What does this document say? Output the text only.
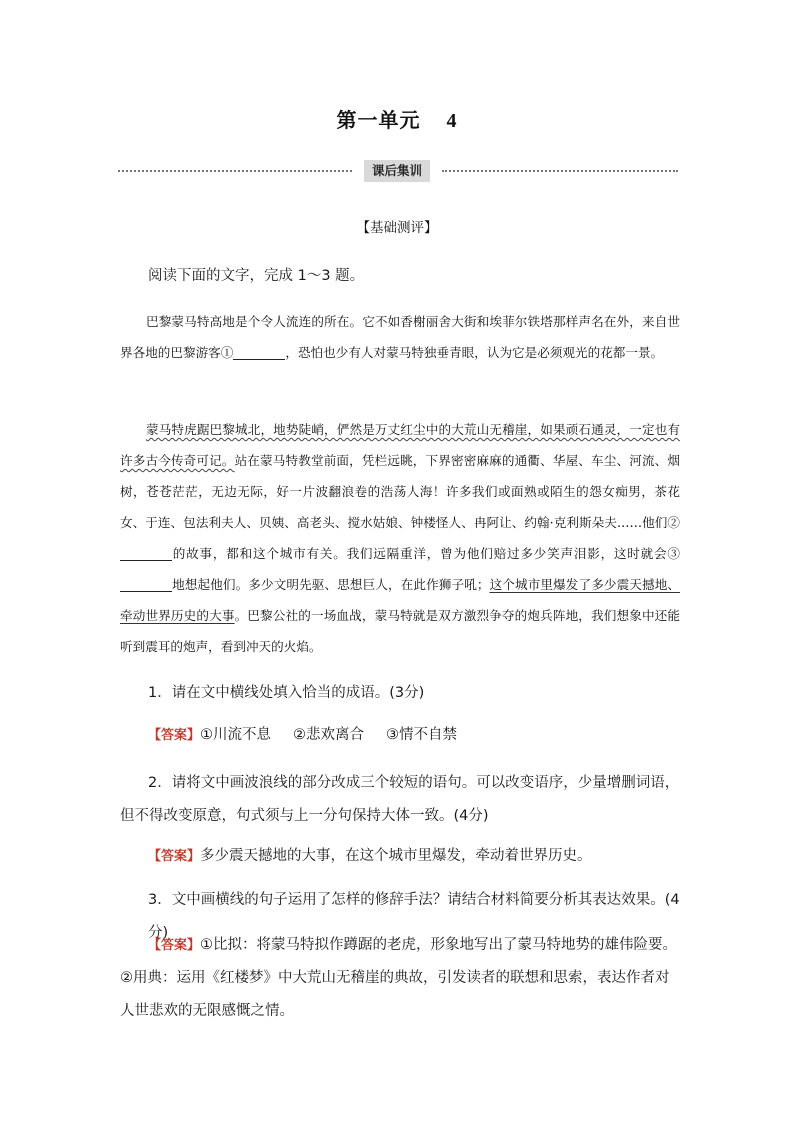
第一单元 4
课后集训
【基础测评】
阅读下面的文字，完成 1～3 题。
巴黎蒙马特高地是个令人流连的所在。它不如香榭丽舍大街和埃菲尔铁塔那样声名在外，来自世界各地的巴黎游客①	，恐怕也少有人对蒙马特独垂青眼，认为它是必须观光的花都一景。
蒙马特虎踞巴黎城北，地势陡峭，俨然是万丈红尘中的大荒山无稽崖，如果顽石通灵，一定也有许多古今传奇可记。站在蒙马特教堂前面，凭栏远眺，下界密密麻麻的通衢、华屋、车尘、河流、烟树，苍苍茫茫，无边无际，好一片波翻浪卷的浩荡人海！许多我们或面熟或陌生的怨女痴男，茶花女、于连、包法利夫人、贝姨、高老头、搅水姑娘、钟楼怪人、冉阿让、约翰·克利斯朵夫……他们②的故事，都和这个城市有关。我们远隔重洋，曾为他们赔过多少笑声泪影，这时就会③地想起他们。多少文明先驱、思想巨人，在此作狮子吼；这个城市里爆发了多少震天撼地、牵动世界历史的大事。巴黎公社的一场血战，蒙马特就是双方激烈争夺的炮兵阵地，我们想象中还能听到震耳的炮声，看到冲天的火焰。
1．请在文中横线处填入恰当的成语。(3分)
【答案】①川流不息 ②悲欢离合 ③情不自禁
2．请将文中画波浪线的部分改成三个较短的语句。可以改变语序，少量增删词语，但不得改变原意，句式须与上一分句保持大体一致。(4分)
【答案】多少震天撼地的大事，在这个城市里爆发，牵动着世界历史。
3．文中画横线的句子运用了怎样的修辞手法？请结合材料简要分析其表达效果。(4分)
【答案】①比拟：将蒙马特拟作蹲踞的老虎，形象地写出了蒙马特地势的雄伟险要。②用典：运用《红楼梦》中大荒山无稽崖的典故，引发读者的联想和思索，表达作者对人世悲欢的无限感慨之情。
